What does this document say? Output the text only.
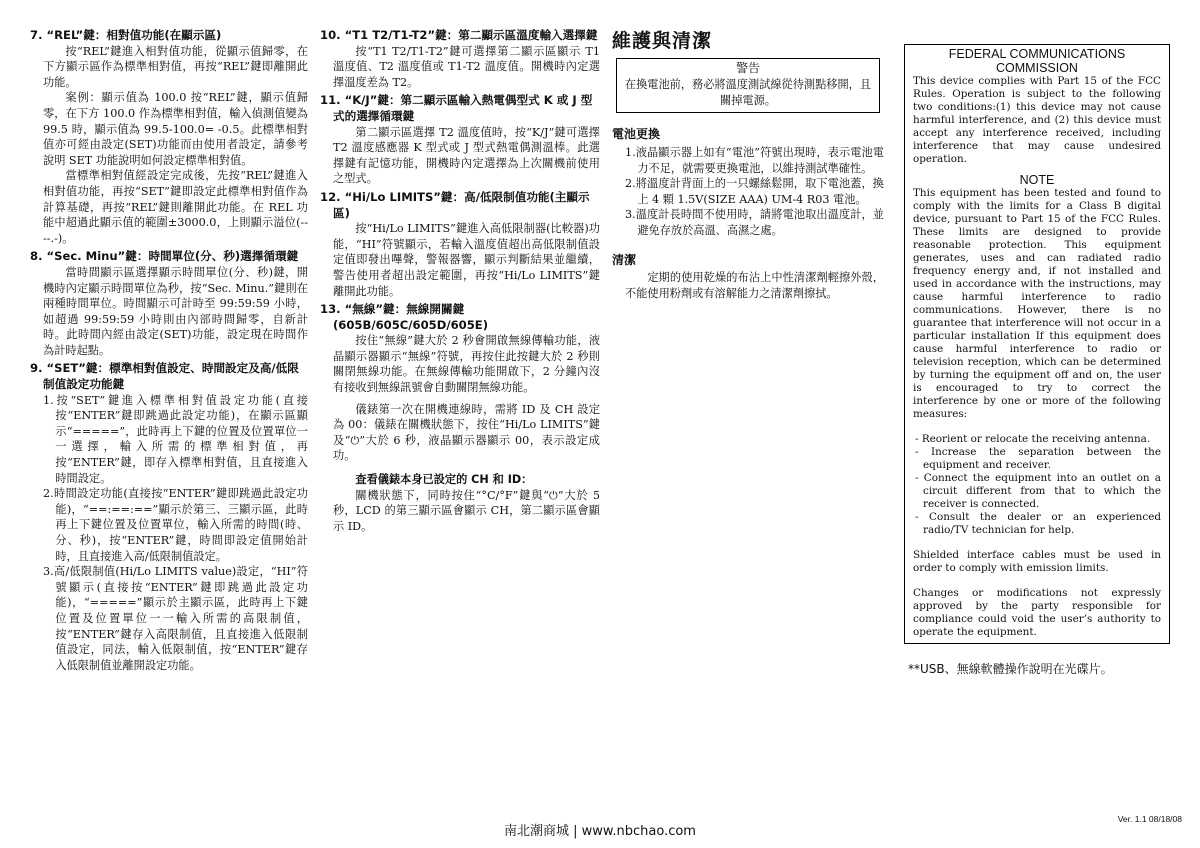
7. “REL”鍵：相對值功能(在顯示區)

按“REL”鍵進入相對值功能，從顯示值歸零，在下方顯示區作為標準相對值，再按“REL”鍵即離開此功能。

案例：顯示值為 100.0 按“REL”鍵，顯示值歸零，在下方 100.0 作為標準相對值，輸入偵測值變為 99.5 時，顯示值為 99.5-100.0= -0.5。此標準相對值亦可經由設定(SET)功能而由使用者設定，請參考說明 SET 功能說明如何設定標準相對值。

當標準相對值經設定完成後，先按“REL”鍵進入相對值功能，再按“SET”鍵即設定此標準相對值作為計算基礎，再按“REL”鍵則離開此功能。在 REL 功能中超過此顯示值的範圍±3000.0，上則顯示溢位(----.-)。

8. “Sec. Minu”鍵：時間單位(分、秒)選擇循環鍵

當時間顯示區選擇顯示時間單位(分、秒)鍵，開機時內定顯示時間單位為秒，按“Sec. Minu.”鍵則在兩種時間單位。時間顯示可計時至 99:59:59 小時，如超過 99:59:59 小時則由內部時間歸零，自新計時。此時間內經由設定(SET)功能，設定現在時間作為計時起點。

9. “SET”鍵：標準相對值設定、時間設定及高/低限制值設定功能鍵

1.按“SET”鍵進入標準相對值設定功能(直接按“ENTER”鍵即跳過此設定功能)，在顯示區顯示“=====”，此時再上下鍵的位置及位置單位一一選擇，輸入所需的標準相對值，再按“ENTER”鍵，即存入標準相對值，且直接進入時間設定。

2.時間設定功能(直接按“ENTER”鍵即跳過此設定功能)，“==:==:==”顯示於第三、三顯示區，此時再上下鍵位置及位置單位，輸入所需的時間(時、分、秒)，按“ENTER”鍵，時間即設定值開始計時，且直接進入高/低限制值設定。

3.高/低限制值(Hi/Lo LIMITS value)設定，“HI”符號顯示(直接按“ENTER”鍵即跳過此設定功能)，“=====”顯示於主顯示區，此時再上下鍵位置及位置單位一一輸入所需的高限制值，按“ENTER”鍵存入高限制值，且直接進入低限制值設定，同法，輸入低限制值，按“ENTER”鍵存入低限制值並離開設定功能。

10. “T1 T2/T1-T2”鍵：第二顯示區溫度輸入選擇鍵

按“T1 T2/T1-T2”鍵可選擇第二顯示區顯示 T1 溫度值、T2 溫度值或 T1-T2 溫度值。開機時內定選擇溫度差為 T2。

11. “K/J”鍵：第二顯示區輸入熱電偶型式 K 或 J 型式的選擇循環鍵

第二顯示區選擇 T2 溫度值時，按“K/J”鍵可選擇 T2 溫度感應器 K 型式或 J 型式熱電偶測溫棒。此選擇鍵有記憶功能，開機時內定選擇為上次關機前使用之型式。

12. “Hi/Lo LIMITS”鍵：高/低限制值功能(主顯示區)

按“Hi/Lo LIMITS”鍵進入高低限制器(比較器)功能，“HI”符號顯示，若輸入溫度值超出高低限制值設定值即發出嗶聲，警報器響，顯示判斷結果並繼續，警告使用者超出設定範圍，再按“Hi/Lo LIMITS”鍵離開此功能。

13. “無線”鍵：無線開關鍵(605B/605C/605D/605E)

按住“無線”鍵大於 2 秒會開啟無線傳輸功能，液晶顯示器顯示“無線”符號，再按住此按鍵大於 2 秒則關閉無線功能。在無線傳輸功能開啟下，2 分鐘內沒有接收到無線訊號會自動關閉無線功能。

儀錶第一次在開機連線時，需將 ID 及 CH 設定為 00：儀錶在關機狀態下，按住“Hi/Lo LIMITS”鍵及“⏻”大於 6 秒，液晶顯示器顯示 00，表示設定成功。

查看儀錶本身已設定的 CH 和 ID：

關機狀態下，同時按住“°C/°F”鍵與“⏻”大於 5 秒，LCD 的第三顯示區會顯示 CH，第二顯示區會顯示 ID。

維護與清潔
警告
在換電池前，務必將溫度測試線從待測點移開，且關掉電源。
電池更換

1.液晶顯示器上如有“電池”符號出現時，表示電池電力不足，就需要更換電池，以維持測試準確性。

2.將溫度計背面上的一只螺絲鬆開，取下電池蓋，換上 4 顆 1.5V(SIZE AAA) UM-4 R03 電池。

3.溫度計長時間不使用時，請將電池取出溫度計，並避免存放於高溫、高濕之處。

清潔

定期的使用乾燥的布沾上中性清潔劑輕擦外殼，不能使用粉劑或有溶解能力之清潔劑擦拭。

FEDERAL COMMUNICATIONS
COMMISSION

This device complies with Part 15 of the FCC Rules. Operation is subject to the following two conditions:(1) this device may not cause harmful interference, and (2) this device must accept any interference received, including interference that may cause undesired operation.

NOTE

This equipment has been tested and found to comply with the limits for a Class B digital device, pursuant to Part 15 of the FCC Rules. These limits are designed to provide reasonable protection. This equipment generates, uses and can radiated radio frequency energy and, if not installed and used in accordance with the instructions, may cause harmful interference to radio communications. However, there is no guarantee that interference will not occur in a particular installation If this equipment does cause harmful interference to radio or television reception, which can be determined by turning the equipment off and on, the user is encouraged to try to correct the interference by one or more of the following measures:

- Reorient or relocate the receiving antenna.

- Increase the separation between the equipment and receiver.

- Connect the equipment into an outlet on a circuit different from that to which the receiver is connected.

- Consult the dealer or an experienced radio/TV technician for help.

Shielded interface cables must be used in order to comply with emission limits.

Changes or modifications not expressly approved by the party responsible for compliance could void the user’s authority to operate the equipment.

**USB、無線軟體操作說明在光碟片。
南北潮商城 | www.nbchao.com
Ver. 1.1 08/18/08
